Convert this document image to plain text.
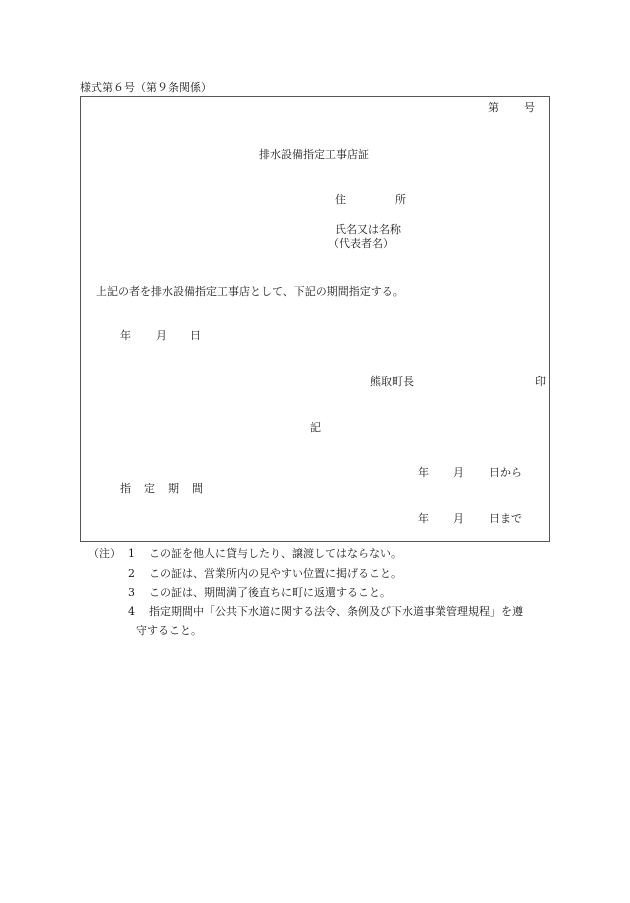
様式第６号（第９条関係）
第 号
排水設備指定工事店証
住	所
氏名又は名称
（代表者名）
上記の者を排水設備指定工事店として、下記の期間指定する。
年 月 日
熊取町長	印
記
年 月 日から
指 定 期 間
年 月 日まで
（注） 1 この証を他人に貸与したり、譲渡してはならない。
2 この証は、営業所内の見やすい位置に掲げること。
3 この証は、期間満了後直ちに町に返還すること。
4 指定期間中「公共下水道に関する法令、条例及び下水道事業管理規程」を遵
守すること。
